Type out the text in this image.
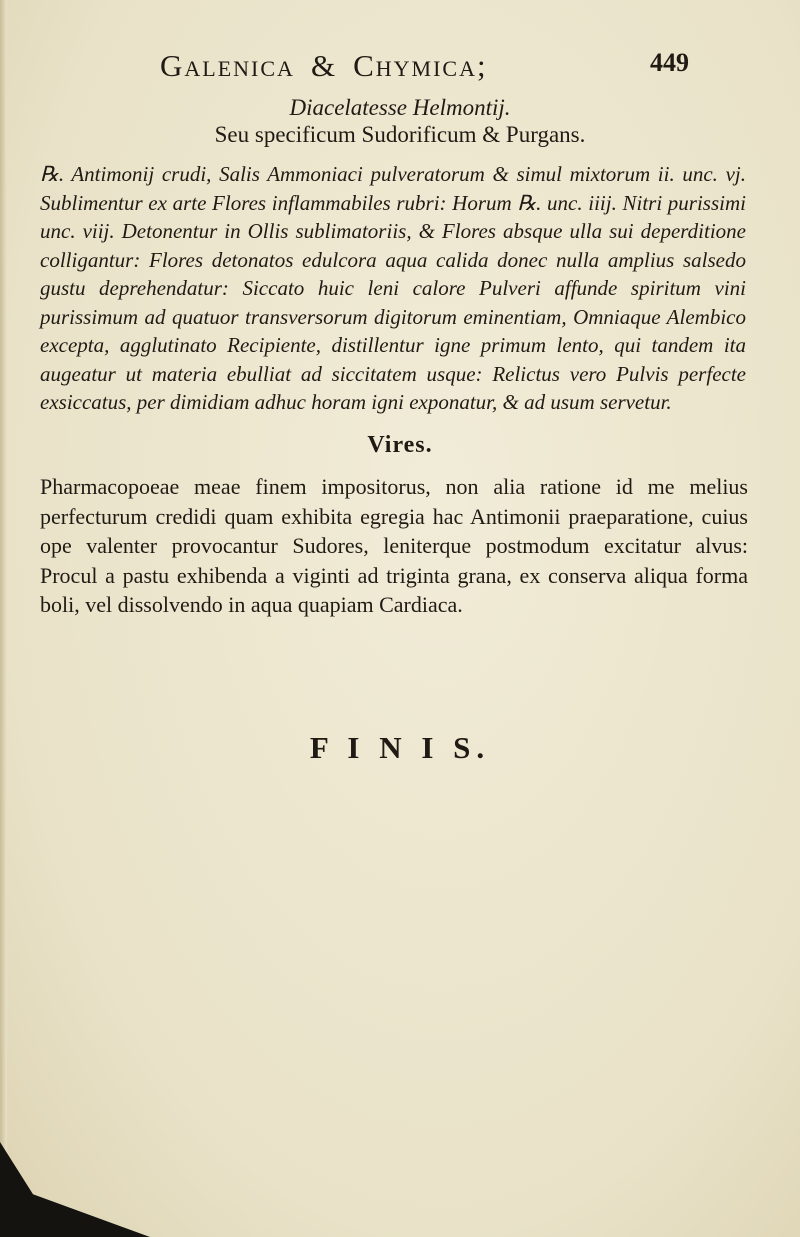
Galenica & Chymica;	449
Diacelatesse Helmontij.
Seu specificum Sudorificum & Purgans.

℞. Antimonij crudi, Salis Ammoniaci pulveratorum & simul mixtorum ii. unc. vj. Sublimentur ex arte Flores inflammabiles rubri: Horum ℞. unc. iiij. Nitri purissimi unc. viij. Detonentur in Ollis sublimatoriis, & Flores absque ulla sui deperditione colligantur: Flores detonatos edulcora aqua calida donec nulla amplius salsedo gustu deprehendatur: Siccato huic leni calore Pulveri affunde spiritum vini purissimum ad quatuor transversorum digitorum eminentiam, Omniaque Alembico excepta, agglutinato Recipiente, distillentur igne primum lento, qui tandem ita augeatur ut materia ebulliat ad siccitatem usque: Relictus vero Pulvis perfecte exsiccatus, per dimidiam adhuc horam igni exponatur, & ad usum servetur.

Vires.

Pharmacopoeae meae finem impositorus, non alia ratione id me melius perfecturum credidi quam exhibita egregia hac Antimonii praeparatione, cuius ope valenter provocantur Sudores, leniterque postmodum excitatur alvus: Procul a pastu exhibenda a viginti ad triginta grana, ex conserva aliqua forma boli, vel dissolvendo in aqua quapiam Cardiaca.

F I N I S.
